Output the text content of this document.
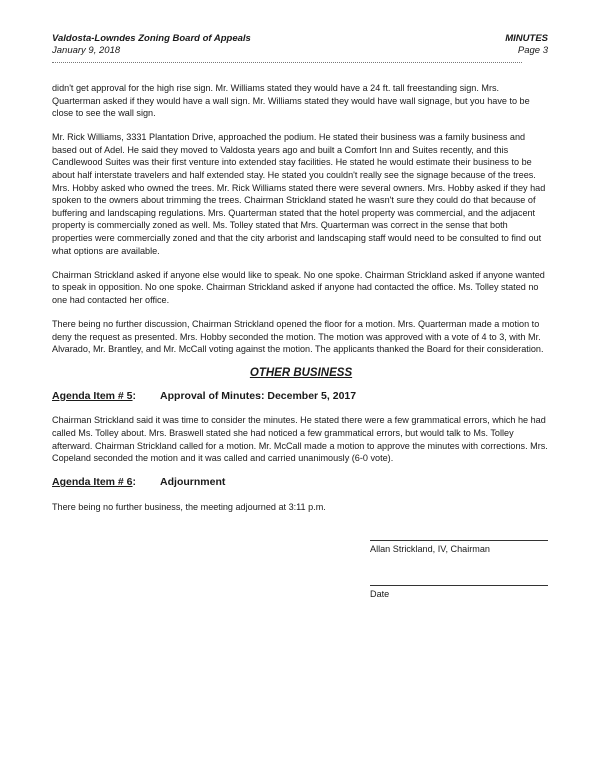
Valdosta-Lowndes Zoning Board of Appeals	MINUTES
January 9, 2018	Page 3

didn't get approval for the high rise sign. Mr. Williams stated they would have a 24 ft. tall freestanding sign. Mrs. Quarterman asked if they would have a wall sign. Mr. Williams stated they would have wall signage, but you have to be close to see the wall sign.

Mr. Rick Williams, 3331 Plantation Drive, approached the podium. He stated their business was a family business and based out of Adel. He said they moved to Valdosta years ago and built a Comfort Inn and Suites recently, and this Candlewood Suites was their first venture into extended stay facilities. He stated he would estimate their business to be about half interstate travelers and half extended stay. He stated you couldn't really see the signage because of the trees. Mrs. Hobby asked who owned the trees. Mr. Rick Williams stated there were several owners. Mrs. Hobby asked if they had spoken to the owners about trimming the trees. Chairman Strickland stated he wasn't sure they could do that because of buffering and landscaping regulations. Mrs. Quarterman stated that the hotel property was commercial, and the adjacent property is commercially zoned as well. Ms. Tolley stated that Mrs. Quarterman was correct in the sense that both properties were commercially zoned and that the city arborist and landscaping staff would need to be consulted to find out what options are available.

Chairman Strickland asked if anyone else would like to speak. No one spoke. Chairman Strickland asked if anyone wanted to speak in opposition. No one spoke. Chairman Strickland asked if anyone had contacted the office. Ms. Tolley stated no one had contacted her office.

There being no further discussion, Chairman Strickland opened the floor for a motion. Mrs. Quarterman made a motion to deny the request as presented. Mrs. Hobby seconded the motion. The motion was approved with a vote of 4 to 3, with Mr. Alvarado, Mr. Brantley, and Mr. McCall voting against the motion. The applicants thanked the Board for their consideration.

OTHER BUSINESS
Agenda Item # 5: Approval of Minutes: December 5, 2017

Chairman Strickland said it was time to consider the minutes. He stated there were a few grammatical errors, which he had called Ms. Tolley about. Mrs. Braswell stated she had noticed a few grammatical errors, but would talk to Ms. Tolley afterward. Chairman Strickland called for a motion. Mr. McCall made a motion to approve the minutes with corrections. Mrs. Copeland seconded the motion and it was called and carried unanimously (6-0 vote).

Agenda Item # 6: Adjournment

There being no further business, the meeting adjourned at 3:11 p.m.

Allan Strickland, IV, Chairman
Date
